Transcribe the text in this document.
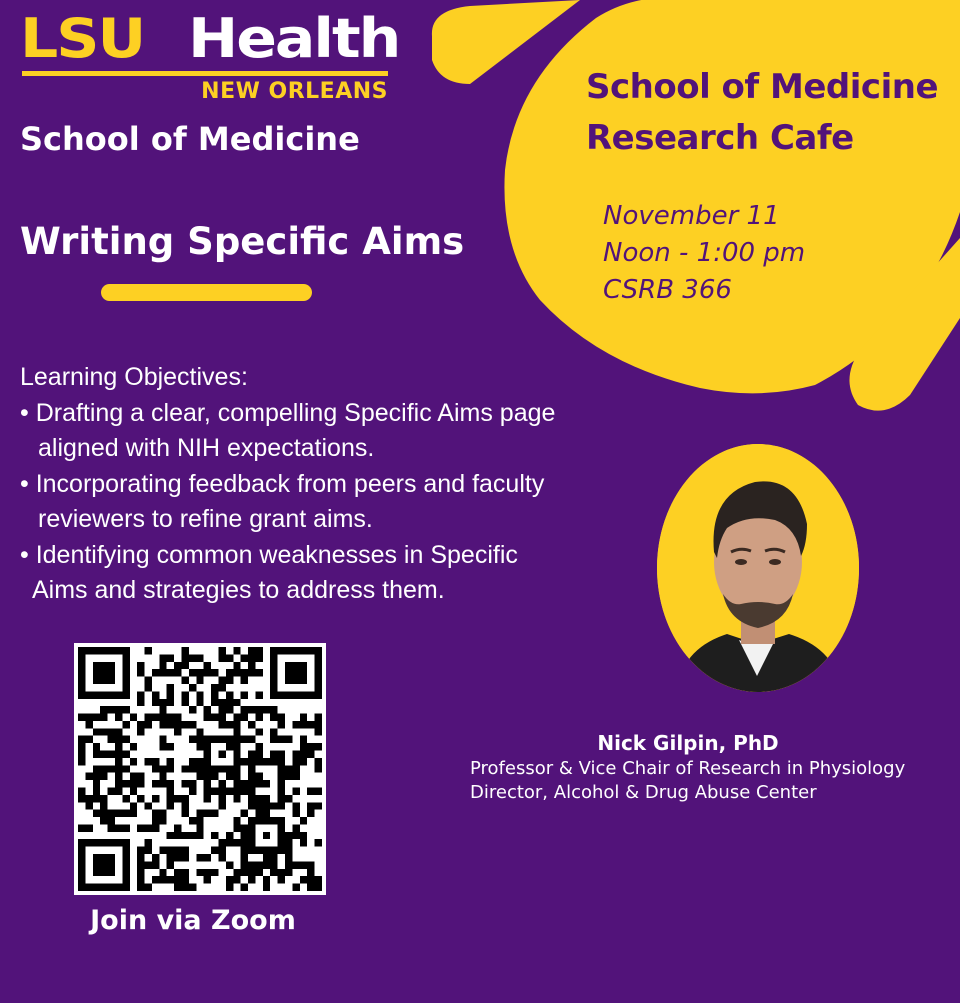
LSU Health
NEW ORLEANS
School of Medicine
Writing Specific Aims
School of Medicine
Research Cafe
November 11
Noon - 1:00 pm
CSRB 366
Learning Objectives:
• Drafting a clear, compelling Specific Aims page
aligned with NIH expectations.
• Incorporating feedback from peers and faculty
reviewers to refine grant aims.
• Identifying common weaknesses in Specific
Aims and strategies to address them.
Join via Zoom
Nick Gilpin, PhD
Professor & Vice Chair of Research in Physiology
Director, Alcohol & Drug Abuse Center
